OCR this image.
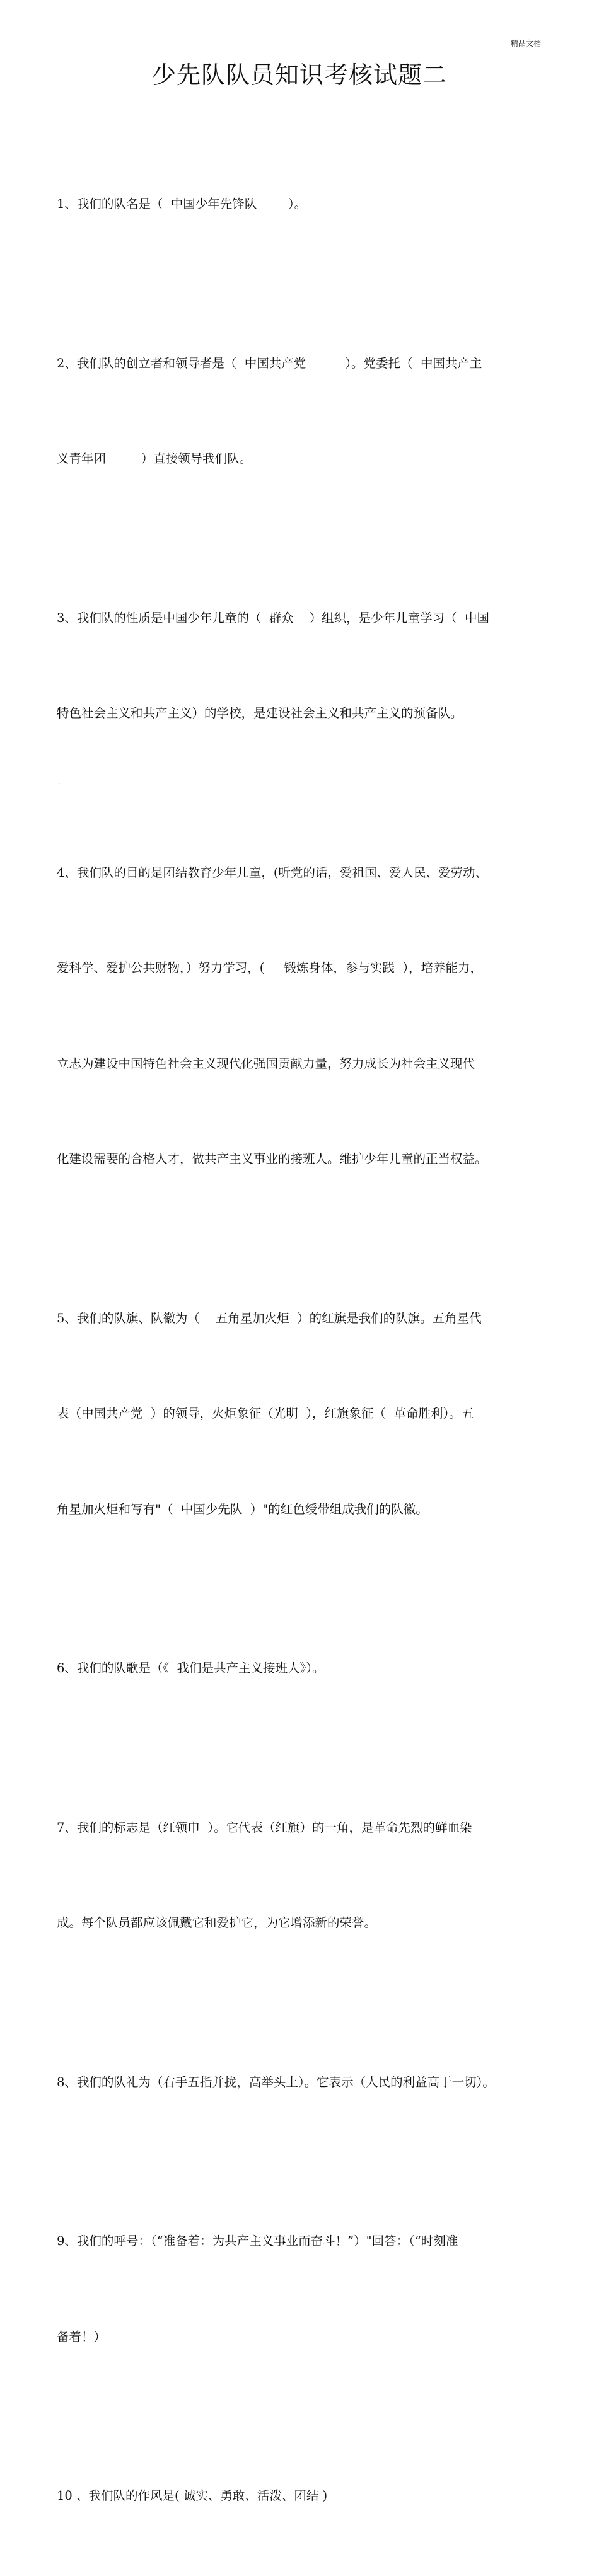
精品文档
少先队队员知识考核试题二

1、我们的队名是（  中国少年先锋队        ）。

2、我们队的创立者和领导者是（  中国共产党          ）。党委托（  中国共产主

义青年团         ）直接领导我们队。

3、我们队的性质是中国少年儿童的（  群众    ）组织，是少年儿童学习（  中国

特色社会主义和共产主义）的学校，是建设社会主义和共产主义的预备队。

4、我们队的目的是团结教育少年儿童，(听党的话，爱祖国、爱人民、爱劳动、

爱科学、爱护公共财物，）努力学习，(     锻炼身体，参与实践  ），培养能力，

立志为建设中国特色社会主义现代化强国贡献力量，努力成长为社会主义现代

化建设需要的合格人才，做共产主义事业的接班人。维护少年儿童的正当权益。

5、我们的队旗、队徽为（    五角星加火炬  ）的红旗是我们的队旗。五角星代

表（中国共产党  ）的领导，火炬象征（光明  ），红旗象征（  革命胜利）。五

角星加火炬和写有"（  中国少先队  ）"的红色绶带组成我们的队徽。

6、我们的队歌是（《  我们是共产主义接班人》）。

7、我们的标志是（红领巾  ）。它代表（红旗）的一角，是革命先烈的鲜血染

成。每个队员都应该佩戴它和爱护它，为它增添新的荣誉。

8、我们的队礼为（右手五指并拢，高举头上）。它表示（人民的利益高于一切）。

9、我们的呼号：（“准备着：为共产主义事业而奋斗！”）"回答：（“时刻准

备着！）

10 、我们队的作风是( 诚实、勇敢、活泼、团结 )

.
